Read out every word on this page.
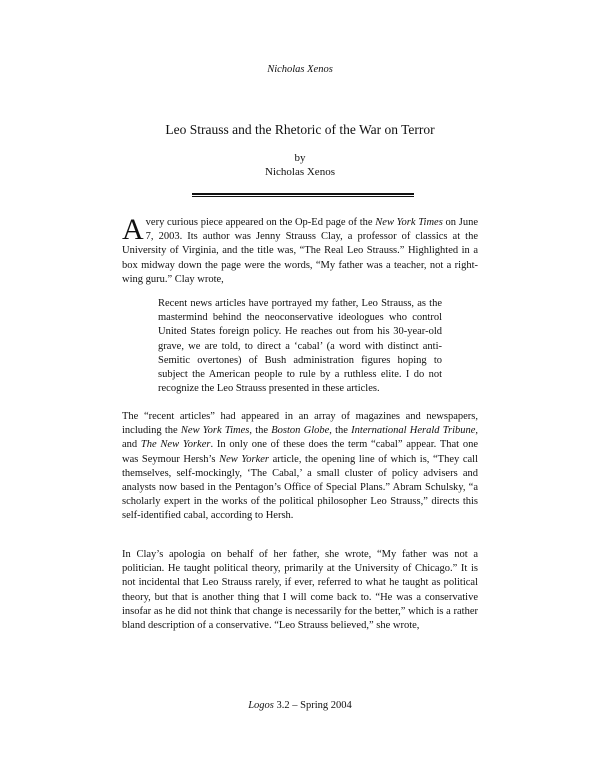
Nicholas Xenos
Leo Strauss and the Rhetoric of the War on Terror
by
Nicholas Xenos

A very curious piece appeared on the Op-Ed page of the New York Times on June 7, 2003. Its author was Jenny Strauss Clay, a professor of classics at the University of Virginia, and the title was, “The Real Leo Strauss.” Highlighted in a box midway down the page were the words, “My father was a teacher, not a right-wing guru.” Clay wrote,

Recent news articles have portrayed my father, Leo Strauss, as the mastermind behind the neoconservative ideologues who control United States foreign policy. He reaches out from his 30-year-old grave, we are told, to direct a ‘cabal’ (a word with distinct anti-Semitic overtones) of Bush administration figures hoping to subject the American people to rule by a ruthless elite. I do not recognize the Leo Strauss presented in these articles.

The “recent articles” had appeared in an array of magazines and newspapers, including the New York Times, the Boston Globe, the International Herald Tribune, and The New Yorker. In only one of these does the term “cabal” appear. That one was Seymour Hersh’s New Yorker article, the opening line of which is, “They call themselves, self-mockingly, ‘The Cabal,’ a small cluster of policy advisers and analysts now based in the Pentagon’s Office of Special Plans.” Abram Schulsky, “a scholarly expert in the works of the political philosopher Leo Strauss,” directs this self-identified cabal, according to Hersh.

In Clay’s apologia on behalf of her father, she wrote, “My father was not a politician. He taught political theory, primarily at the University of Chicago.” It is not incidental that Leo Strauss rarely, if ever, referred to what he taught as political theory, but that is another thing that I will come back to. “He was a conservative insofar as he did not think that change is necessarily for the better,” which is a rather bland description of a conservative. “Leo Strauss believed,” she wrote,

Logos 3.2 – Spring 2004
